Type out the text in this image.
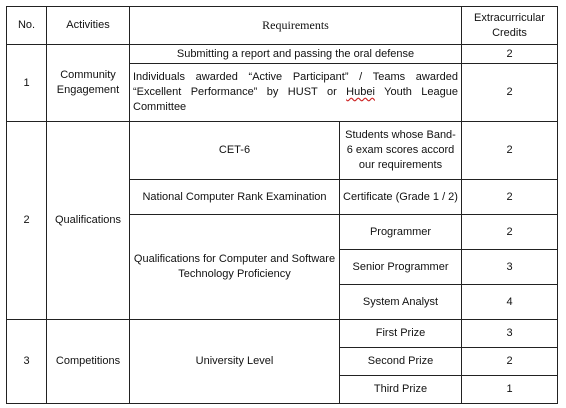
No.	Activities	Requirements		Extracurricular Credits
1	Community Engagement	Submitting a report and passing the oral defense		2
		Individuals awarded “Active Participant” / Teams awarded “Excellent Performance” by HUST or Hubei Youth League Committee		2
2	Qualifications	CET-6	Students whose Band-6 exam scores accord our requirements	2
		National Computer Rank Examination	Certificate (Grade 1 / 2)	2
		Qualifications for Computer and Software Technology Proficiency	Programmer	2
			Senior Programmer	3
			System Analyst	4
3	Competitions	University Level	First Prize	3
			Second Prize	2
			Third Prize	1
